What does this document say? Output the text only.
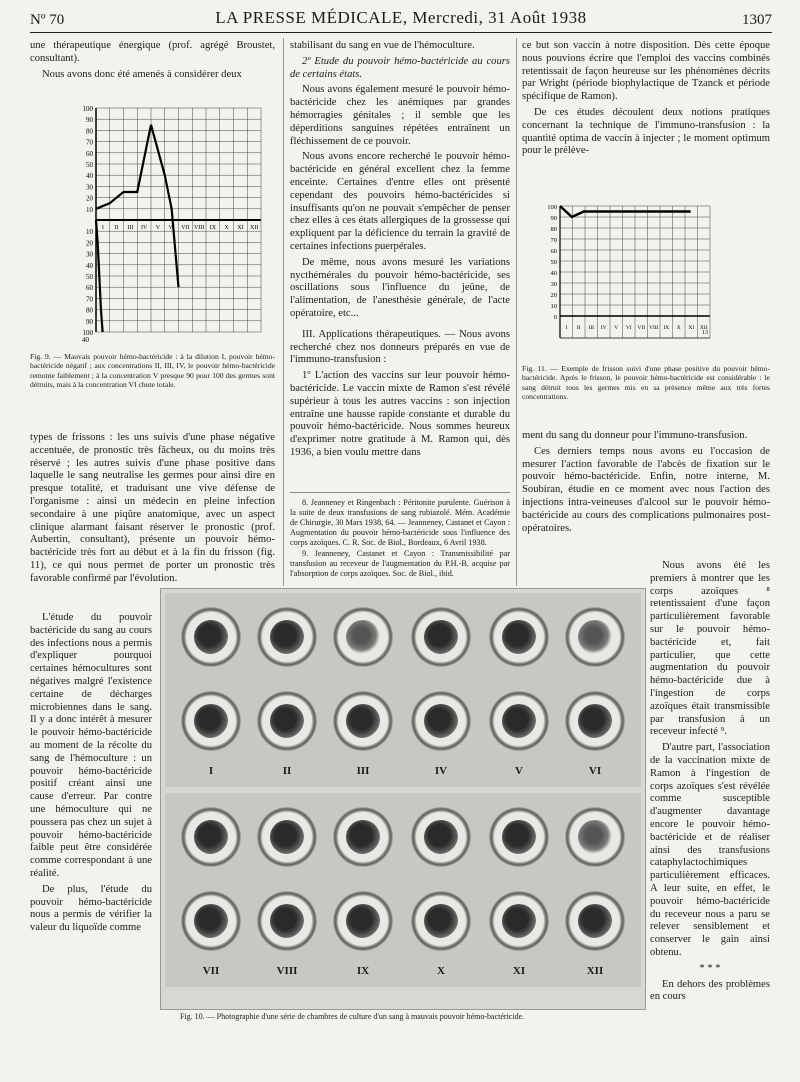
Nº 70	LA PRESSE MÉDICALE, Mercredi, 31 Août 1938	1307

une thérapeutique énergique (prof. agrégé Broustet, consultant).

Nous avons donc été amenés à considérer deux

100
90
80
70
60
50
40
30
20
10
10
20
30
40
50
60
70
80
90
100
40
I II III IV V VI VII VIII IX X XI XII
Fig. 9. — Mauvais pouvoir hémo-bactéricide : à la dilution I, pouvoir hémo-bactéricide négatif ; aux concentrations II, III, IV, le pouvoir hémo-bactéricide remonte faiblement ; à la concentration V presque 90 pour 100 des germes sont détruits, mais à la concentration VI chute totale.

types de frissons : les uns suivis d'une phase négative accentuée, de pronostic très fâcheux, ou du moins très réservé ; les autres suivis d'une phase positive dans laquelle le sang neutralise les germes pour ainsi dire en presque totalité, et traduisant une vive défense de l'organisme : ainsi un médecin en pleine infection secondaire à une piqûre anatomique, avec un aspect clinique alarmant faisant réserver le pronostic (prof. Aubertin, consultant), présente un pouvoir hémo-bactéricide très fort au début et à la fin du frisson (fig. 11), ce qui nous permet de porter un pronostic très favorable confirmé par l'évolution.

L'étude du pouvoir bactéricide du sang au cours des infections nous a permis d'expliquer pourquoi certaines hémocultures sont négatives malgré l'existence certaine de décharges microbiennes dans le sang. Il y a donc intérêt à mesurer le pouvoir hémo-bactéricide au moment de la récolte du sang de l'hémoculture : un pouvoir hémo-bactéricide positif créant ainsi une cause d'erreur. Par contre une hémoculture qui ne poussera pas chez un sujet à pouvoir hémo-bactéricide faible peut être considérée comme correspondant à une réalité.

De plus, l'étude du pouvoir hémo-bactéricide nous a permis de vérifier la valeur du liquoïde comme

stabilisant du sang en vue de l'hémoculture.

2º Etude du pouvoir hémo-bactéricide au cours de certains états.

Nous avons également mesuré le pouvoir hémo-bactéricide chez les anémiques par grandes hémorragies génitales ; il semble que les déperditions sanguines répétées entraînent un fléchissement de ce pouvoir.

Nous avons encore recherché le pouvoir hémo-bactéricide en général excellent chez la femme enceinte. Certaines d'entre elles ont présenté cependant des pouvoirs hémo-bactéricides si insuffisants qu'on ne pouvait s'empêcher de penser chez elles à ces états allergiques de la grossesse qui expliquent par la déficience du terrain la gravité de certaines infections puerpérales.

De même, nous avons mesuré les variations nycthémérales du pouvoir hémo-bactéricide, ses oscillations sous l'influence du jeûne, de l'alimentation, de l'anesthésie générale, de l'acte opératoire, etc...

III. Applications thérapeutiques. — Nous avons recherché chez nos donneurs préparés en vue de l'immuno-transfusion :

1º L'action des vaccins sur leur pouvoir hémo-bactéricide. Le vaccin mixte de Ramon s'est révélé supérieur à tous les autres vaccins : son injection entraîne une hausse rapide constante et durable du pouvoir hémo-bactéricide. Nous sommes heureux d'exprimer notre gratitude à M. Ramon qui, dès 1936, a bien voulu mettre dans

8. Jeanneney et Ringenbach : Péritonite purulente. Guérison à la suite de deux transfusions de sang rubiazolé. Mém. Académie de Chirurgie, 30 Mars 1938, 64. — Jeanneney, Castanet et Cayon : Augmentation du pouvoir hémo-bactéricide sous l'influence des corps azoïques. C. R. Soc. de Biol., Bordeaux, 6 Avril 1938.

9. Jeanneney, Castanet et Cayon : Transmissibilité par transfusion au receveur de l'augmentation du P.H.-B. acquise par l'absorption de corps azoïques. Soc. de Biol., ibid.

ce but son vaccin à notre disposition. Dès cette époque nous pouvions écrire que l'emploi des vaccins combinés retentissait de façon heureuse sur les phénomènes décrits par Wright (période biophylactique de Tzanck et période spécifique de Ramon).

De ces études découlent deux notions pratiques concernant la technique de l'immuno-transfusion : la quantité optima de vaccin à injecter ; le moment optimum pour le prélève-

100
90
80
70
60
50
40
30
20
10
0
I II III IV V VI VII VIII IX X XI XII
13
Fig. 11. — Exemple de frisson suivi d'une phase positive du pouvoir hémo-bactéricide. Après le frisson, le pouvoir hémo-bactéricide est considérable : le sang détruit tous les germes mis en sa présence même aux très fortes concentrations.

ment du sang du donneur pour l'immuno-transfusion.

Ces derniers temps nous avons eu l'occasion de mesurer l'action favorable de l'abcès de fixation sur le pouvoir hémo-bactéricide. Enfin, notre interne, M. Soubiran, étudie en ce moment avec nous l'action des injections intra-veineuses d'alcool sur le pouvoir hémo-bactéricide au cours des complications pulmonaires post-opératoires.

Nous avons été les premiers à montrer que les corps azoïques ⁸ retentissaient d'une façon particulièrement favorable sur le pouvoir hémo-bactéricide et, fait particulier, que cette augmentation du pouvoir hémo-bactéricide due à l'ingestion de corps azoïques était transmissible par transfusion à un receveur infecté ⁹.

D'autre part, l'association de la vaccination mixte de Ramon à l'ingestion de corps azoïques s'est révélée comme susceptible d'augmenter davantage encore le pouvoir hémo-bactéricide et de réaliser ainsi des transfusions cataphylactochimiques particulièrement efficaces. A leur suite, en effet, le pouvoir hémo-bactéricide du receveur nous a paru se relever sensiblement et conserver le gain ainsi obtenu.

* * *

En dehors des problèmes en cours

I
VII
II
VIII
III
IX
IV
X
V
XI
VI
XII
Fig. 10. — Photographie d'une série de chambres de culture d'un sang à mauvais pouvoir hémo-bactéricide.
